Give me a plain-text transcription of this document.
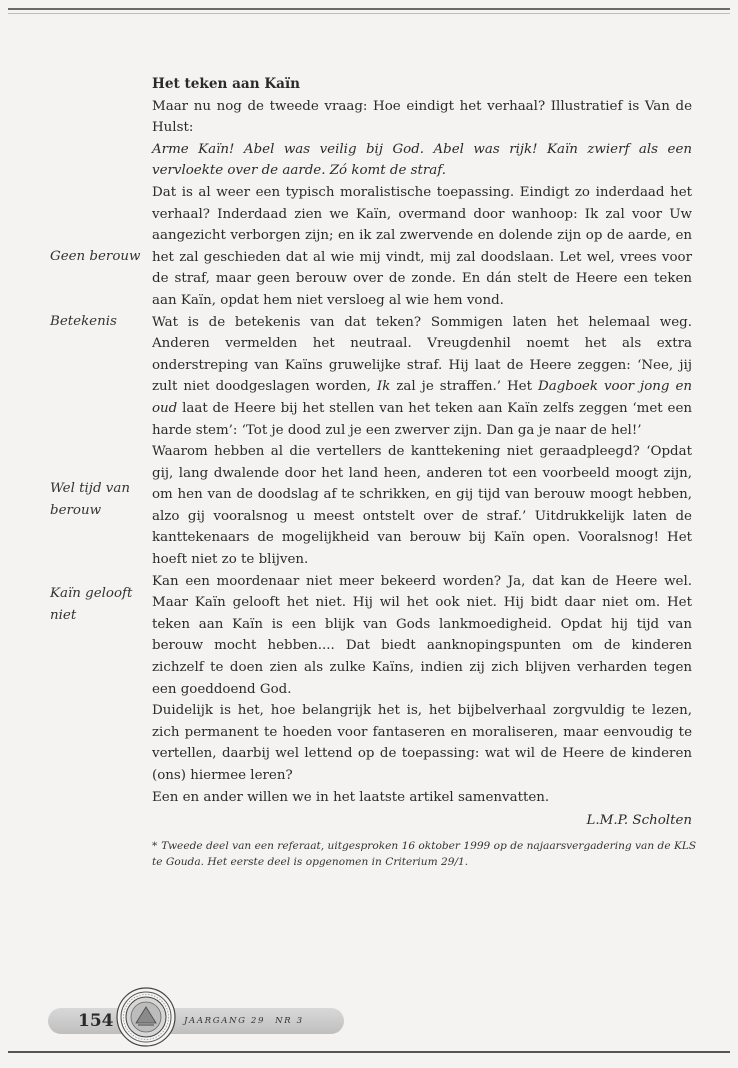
Het teken aan Kaïn

Maar nu nog de tweede vraag: Hoe eindigt het verhaal? Illustratief is Van de Hulst:

Arme Kaïn! Abel was veilig bij God. Abel was rijk! Kaïn zwierf als een vervloekte over de aarde. Zó komt de straf.

Dat is al weer een typisch moralistische toepassing. Eindigt zo inderdaad het verhaal? Inderdaad zien we Kaïn, overmand door wanhoop: Ik zal voor Uw aangezicht verborgen zijn; en ik zal zwervende en dolende zijn op de aarde, en het zal geschieden dat al wie mij vindt, mij zal doodslaan. Let wel, vrees voor de straf, maar geen berouw over de zonde. En dán stelt de Heere een teken aan Kaïn, opdat hem niet versloeg al wie hem vond.

Wat is de betekenis van dat teken? Sommigen laten het helemaal weg. Anderen vermelden het neutraal. Vreugdenhil noemt het als extra onderstreping van Kaïns gruwelijke straf. Hij laat de Heere zeggen: ‘Nee, jij zult niet doodgeslagen worden, Ik zal je straffen.’ Het Dagboek voor jong en oud laat de Heere bij het stellen van het teken aan Kaïn zelfs zeggen ‘met een harde stem’: ‘Tot je dood zul je een zwerver zijn. Dan ga je naar de hel!’

Waarom hebben al die vertellers de kanttekening niet geraadpleegd? ‘Opdat gij, lang dwalende door het land heen, anderen tot een voorbeeld moogt zijn, om hen van de doodslag af te schrikken, en gij tijd van berouw moogt hebben, alzo gij vooralsnog u meest ontstelt over de straf.’ Uitdrukkelijk laten de kanttekenaars de mogelijkheid van berouw bij Kaïn open. Vooralsnog! Het hoeft niet zo te blijven.

Kan een moordenaar niet meer bekeerd worden? Ja, dat kan de Heere wel. Maar Kaïn gelooft het niet. Hij wil het ook niet. Hij bidt daar niet om. Het teken aan Kaïn is een blijk van Gods lankmoedigheid. Opdat hij tijd van berouw mocht hebben.... Dat biedt aanknopingspunten om de kinderen zichzelf te doen zien als zulke Kaïns, indien zij zich blijven verharden tegen een goeddoend God.

Duidelijk is het, hoe belangrijk het is, het bijbelverhaal zorgvuldig te lezen, zich permanent te hoeden voor fantaseren en moraliseren, maar eenvoudig te vertellen, daarbij wel lettend op de toepassing: wat wil de Heere de kinderen (ons) hiermee leren?

Een en ander willen we in het laatste artikel samenvatten.

L.M.P. Scholten

Geen berouw
Betekenis
Wel tijd van berouw
Kaïn gelooft niet
* Tweede deel van een referaat, uitgesproken 16 oktober 1999 op de najaarsvergadering van de KLS te Gouda. Het eerste deel is opgenomen in Criterium 29/1.
154	JAARGANG 29 NR 3
